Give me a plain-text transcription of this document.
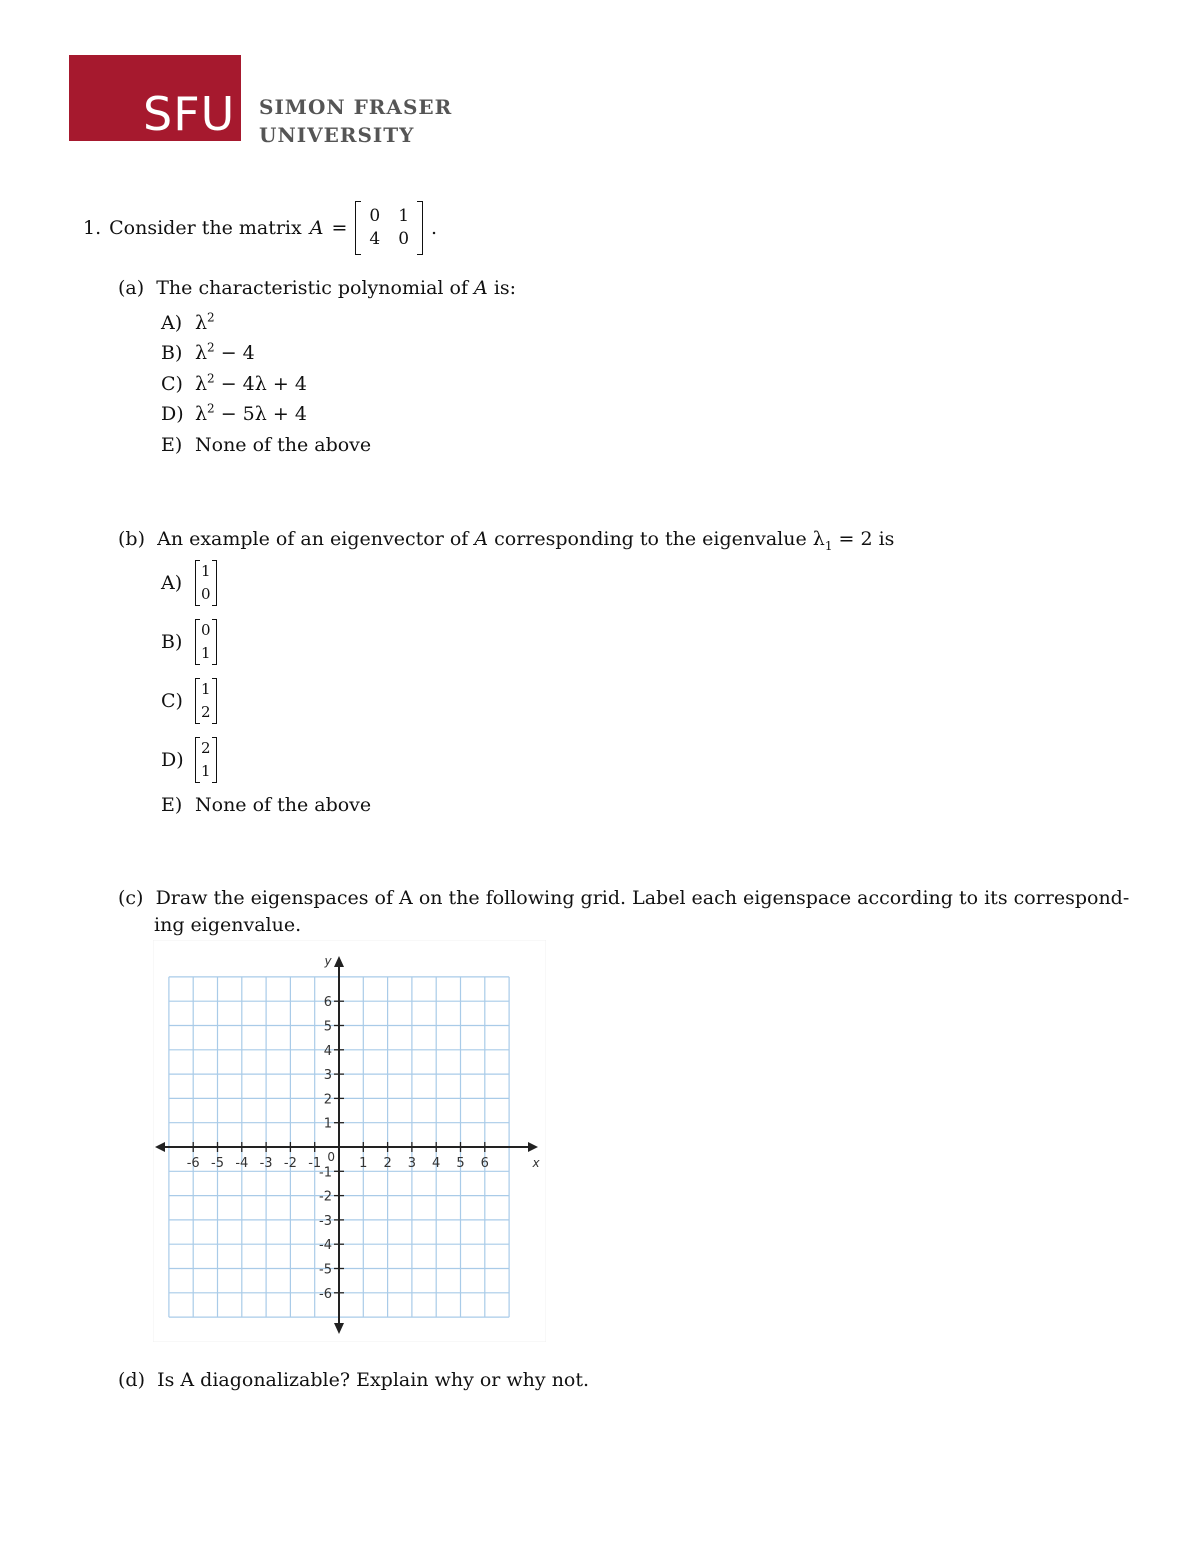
SFU SIMON FRASER
UNIVERSITY
1. Consider the matrix A =
0 1
4 0 .
(a) The characteristic polynomial of A is:
A) $\lambda^2$
B) $\lambda^2 - 4$
C) $\lambda^2 - 4\lambda + 4$
D) $\lambda^2 - 5\lambda + 4$
E) None of the above
(b) An example of an eigenvector of A corresponding to the eigenvalue $\lambda_1 = 2$ is
A)
1
0
B)
0
1
C)
1
2
D)
2
1
E) None of the above
(c) Draw the eigenspaces of A on the following grid. Label each eigenspace according to its correspond-
ing eigenvalue.
-6 -5 -4 -3 -2 -1	1 2 3 4 5 6
6
5
4
3
2
1
-1
-2
-3
-4
-5
-6
0	x
y
(d) Is A diagonalizable? Explain why or why not.
